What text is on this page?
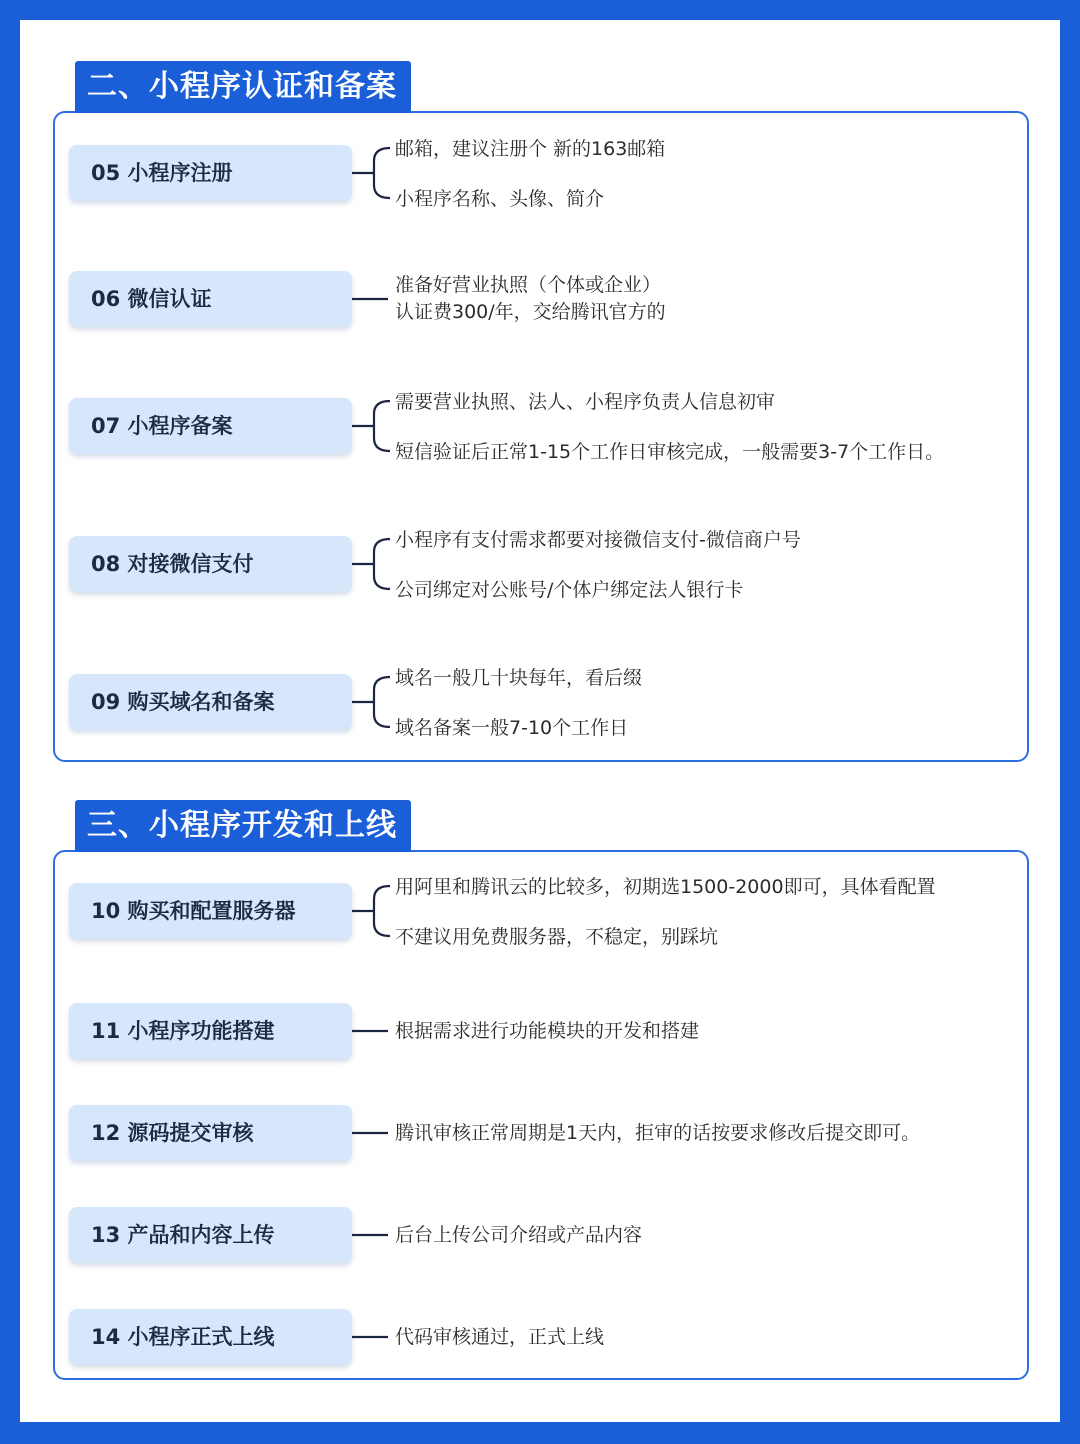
05 小程序注册
邮箱，建议注册个 新的163邮箱
小程序名称、头像、简介
06 微信认证
准备好营业执照（个体或企业）
认证费300/年，交给腾讯官方的
07 小程序备案
需要营业执照、法人、小程序负责人信息初审
短信验证后正常1-15个工作日审核完成，一般需要3-7个工作日。
08 对接微信支付
小程序有支付需求都要对接微信支付-微信商户号
公司绑定对公账号/个体户绑定法人银行卡
09 购买域名和备案
域名一般几十块每年，看后缀
域名备案一般7-10个工作日
二、小程序认证和备案
10 购买和配置服务器
用阿里和腾讯云的比较多，初期选1500-2000即可，具体看配置
不建议用免费服务器，不稳定，别踩坑
11 小程序功能搭建	根据需求进行功能模块的开发和搭建
12 源码提交审核	腾讯审核正常周期是1天内，拒审的话按要求修改后提交即可。
13 产品和内容上传	后台上传公司介绍或产品内容
14 小程序正式上线	代码审核通过，正式上线
三、小程序开发和上线
